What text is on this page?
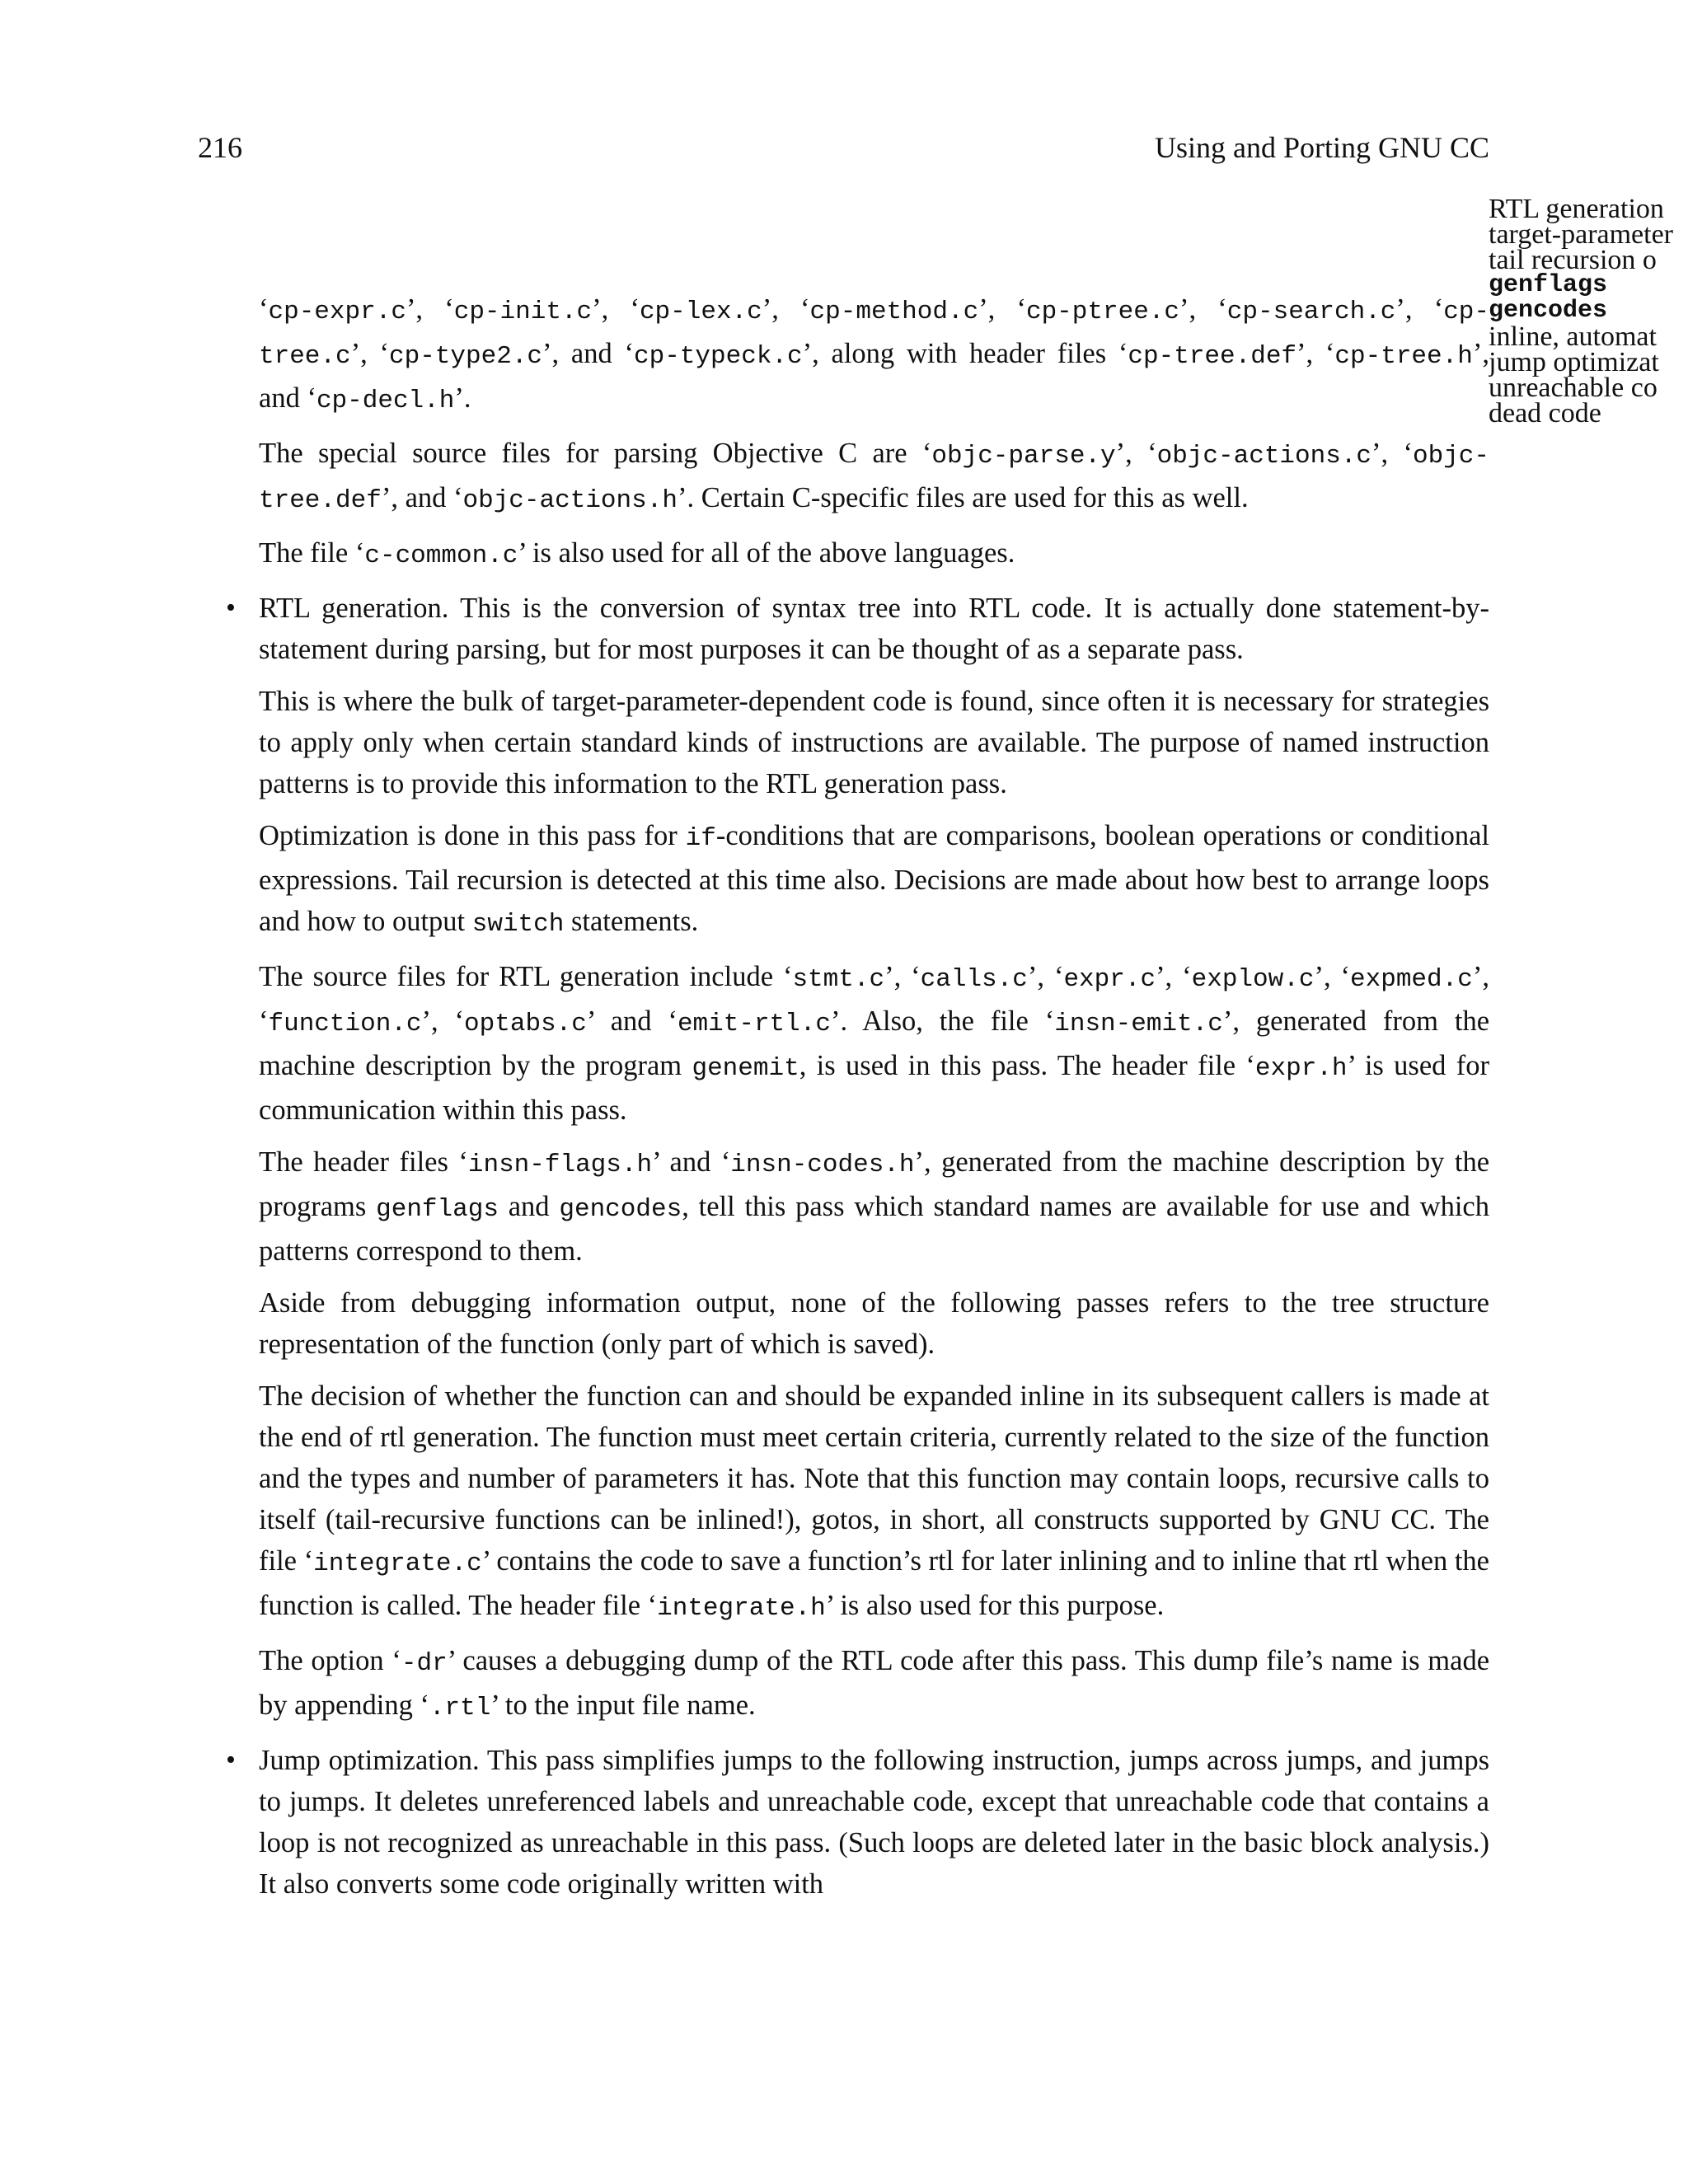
216	Using and Porting GNU CC
RTL generation
target-parameter
tail recursion o
genflags
gencodes
inline, automat
jump optimizat
unreachable co
dead code

‘cp-expr.c’, ‘cp-init.c’, ‘cp-lex.c’, ‘cp-method.c’, ‘cp-ptree.c’, ‘cp-search.c’, ‘cp-tree.c’, ‘cp-type2.c’, and ‘cp-typeck.c’, along with header files ‘cp-tree.def’, ‘cp-tree.h’, and ‘cp-decl.h’.

The special source files for parsing Objective C are ‘objc-parse.y’, ‘objc-actions.c’, ‘objc-tree.def’, and ‘objc-actions.h’. Certain C-specific files are used for this as well.

The file ‘c-common.c’ is also used for all of the above languages.

• RTL generation. This is the conversion of syntax tree into RTL code. It is actually done statement-by-statement during parsing, but for most purposes it can be thought of as a separate pass.

This is where the bulk of target-parameter-dependent code is found, since often it is necessary for strategies to apply only when certain standard kinds of instructions are available. The purpose of named instruction patterns is to provide this information to the RTL generation pass.

Optimization is done in this pass for if-conditions that are comparisons, boolean operations or conditional expressions. Tail recursion is detected at this time also. Decisions are made about how best to arrange loops and how to output switch statements.

The source files for RTL generation include ‘stmt.c’, ‘calls.c’, ‘expr.c’, ‘explow.c’, ‘expmed.c’, ‘function.c’, ‘optabs.c’ and ‘emit-rtl.c’. Also, the file ‘insn-emit.c’, generated from the machine description by the program genemit, is used in this pass. The header file ‘expr.h’ is used for communication within this pass.

The header files ‘insn-flags.h’ and ‘insn-codes.h’, generated from the machine description by the programs genflags and gencodes, tell this pass which standard names are available for use and which patterns correspond to them.

Aside from debugging information output, none of the following passes refers to the tree structure representation of the function (only part of which is saved).

The decision of whether the function can and should be expanded inline in its subsequent callers is made at the end of rtl generation. The function must meet certain criteria, currently related to the size of the function and the types and number of parameters it has. Note that this function may contain loops, recursive calls to itself (tail-recursive functions can be inlined!), gotos, in short, all constructs supported by GNU CC. The file ‘integrate.c’ contains the code to save a function’s rtl for later inlining and to inline that rtl when the function is called. The header file ‘integrate.h’ is also used for this purpose.

The option ‘-dr’ causes a debugging dump of the RTL code after this pass. This dump file’s name is made by appending ‘.rtl’ to the input file name.

• Jump optimization. This pass simplifies jumps to the following instruction, jumps across jumps, and jumps to jumps. It deletes unreferenced labels and unreachable code, except that unreachable code that contains a loop is not recognized as unreachable in this pass. (Such loops are deleted later in the basic block analysis.) It also converts some code originally written with
